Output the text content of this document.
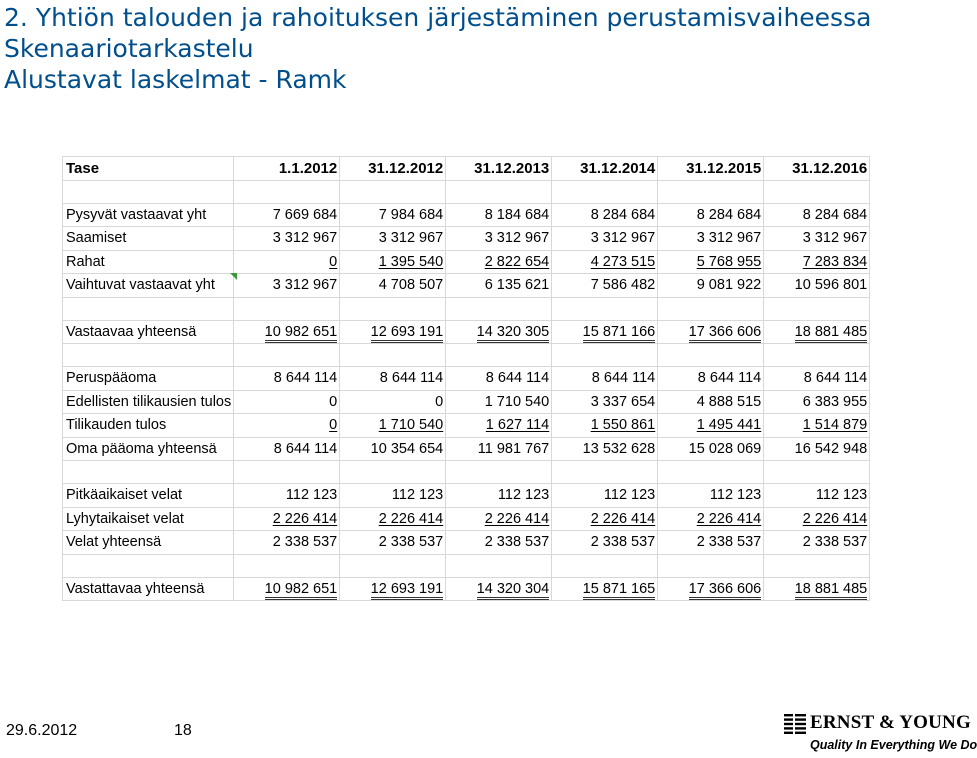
2. Yhtiön talouden ja rahoituksen järjestäminen perustamisvaiheessa
Skenaariotarkastelu
Alustavat laskelmat - Ramk
Tase	1.1.2012	31.12.2012	31.12.2013	31.12.2014	31.12.2015	31.12.2016

Pysyvät vastaavat yht	7 669 684	7 984 684	8 184 684	8 284 684	8 284 684	8 284 684
Saamiset	3 312 967	3 312 967	3 312 967	3 312 967	3 312 967	3 312 967
Rahat	0	1 395 540	2 822 654	4 273 515	5 768 955	7 283 834
Vaihtuvat vastaavat yht	3 312 967	4 708 507	6 135 621	7 586 482	9 081 922	10 596 801

Vastaavaa yhteensä	10 982 651	12 693 191	14 320 305	15 871 166	17 366 606	18 881 485

Peruspääoma	8 644 114	8 644 114	8 644 114	8 644 114	8 644 114	8 644 114
Edellisten tilikausien tulos	0	0	1 710 540	3 337 654	4 888 515	6 383 955
Tilikauden tulos	0	1 710 540	1 627 114	1 550 861	1 495 441	1 514 879
Oma pääoma yhteensä	8 644 114	10 354 654	11 981 767	13 532 628	15 028 069	16 542 948

Pitkäaikaiset velat	112 123	112 123	112 123	112 123	112 123	112 123
Lyhytaikaiset velat	2 226 414	2 226 414	2 226 414	2 226 414	2 226 414	2 226 414
Velat yhteensä	2 338 537	2 338 537	2 338 537	2 338 537	2 338 537	2 338 537

Vastattavaa yhteensä	10 982 651	12 693 191	14 320 304	15 871 165	17 366 606	18 881 485
29.6.2012	18	ERNST & YOUNG
Quality In Everything We Do
